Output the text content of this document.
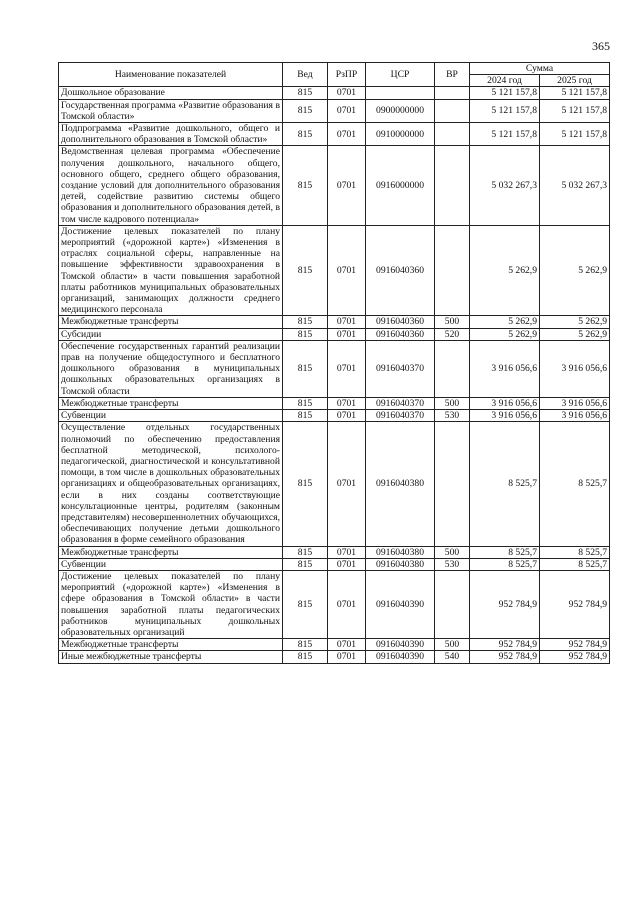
365
Наименование показателей	Вед	РзПР	ЦСР	ВР	Сумма	
					2024 год	2025 год
Дошкольное образование	815	0701			5 121 157,8	5 121 157,8
Государственная программа «Развитие образования в Томской области»	815	0701	0900000000		5 121 157,8	5 121 157,8
Подпрограмма «Развитие дошкольного, общего и дополнительного образования в Томской области»	815	0701	0910000000		5 121 157,8	5 121 157,8
Ведомственная целевая программа «Обеспечение получения дошкольного, начального общего, основного общего, среднего общего образования, создание условий для дополнительного образования детей, содействие развитию системы общего образования и дополнительного образования детей, в том числе кадрового потенциала»	815	0701	0916000000		5 032 267,3	5 032 267,3
Достижение целевых показателей по плану мероприятий («дорожной карте») «Изменения в отраслях социальной сферы, направленные на повышение эффективности здравоохранения в Томской области» в части повышения заработной платы работников муниципальных образовательных организаций, занимающих должности среднего медицинского персонала	815	0701	0916040360		5 262,9	5 262,9
Межбюджетные трансферты	815	0701	0916040360	500	5 262,9	5 262,9
Субсидии	815	0701	0916040360	520	5 262,9	5 262,9
Обеспечение государственных гарантий реализации прав на получение общедоступного и бесплатного дошкольного образования в муниципальных дошкольных образовательных организациях в Томской области	815	0701	0916040370		3 916 056,6	3 916 056,6
Межбюджетные трансферты	815	0701	0916040370	500	3 916 056,6	3 916 056,6
Субвенции	815	0701	0916040370	530	3 916 056,6	3 916 056,6
Осуществление отдельных государственных полномочий по обеспечению предоставления бесплатной методической, психолого-педагогической, диагностической и консультативной помощи, в том числе в дошкольных образовательных организациях и общеобразовательных организациях, если в них созданы соответствующие консультационные центры, родителям (законным представителям) несовершеннолетних обучающихся, обеспечивающих получение детьми дошкольного образования в форме семейного образования	815	0701	0916040380		8 525,7	8 525,7
Межбюджетные трансферты	815	0701	0916040380	500	8 525,7	8 525,7
Субвенции	815	0701	0916040380	530	8 525,7	8 525,7
Достижение целевых показателей по плану мероприятий («дорожной карте») «Изменения в сфере образования в Томской области» в части повышения заработной платы педагогических работников муниципальных дошкольных образовательных организаций	815	0701	0916040390		952 784,9	952 784,9
Межбюджетные трансферты	815	0701	0916040390	500	952 784,9	952 784,9
Иные межбюджетные трансферты	815	0701	0916040390	540	952 784,9	952 784,9
